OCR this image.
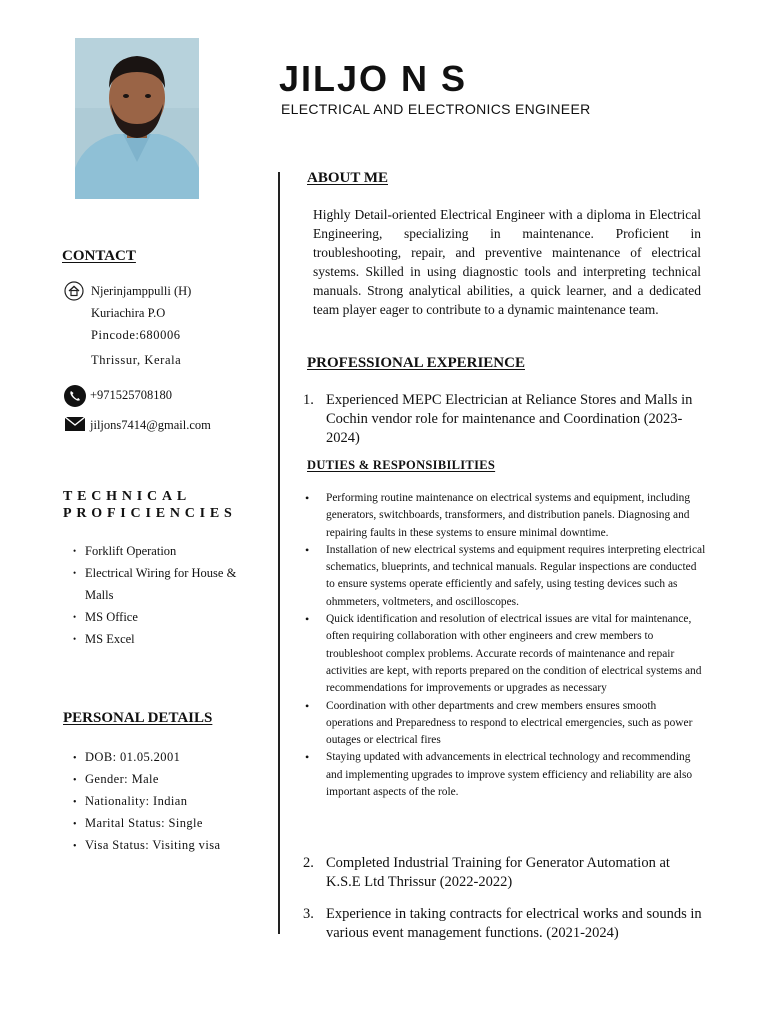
JILJO N S
ELECTRICAL AND ELECTRONICS ENGINEER
CONTACT
Njerinjamppulli (H)
Kuriachira P.O
Pincode:680006
Thrissur, Kerala
+971525708180
jiljons7414@gmail.com
TECHNICAL
PROFICIENCIES
• Forklift Operation
• Electrical Wiring for House &
Malls
• MS Office
• MS Excel
PERSONAL DETAILS
• DOB: 01.05.2001
• Gender: Male
• Nationality: Indian
• Marital Status: Single
• Visa Status: Visiting visa
ABOUT ME

Highly Detail-oriented Electrical Engineer with a diploma in Electrical Engineering, specializing in maintenance. Proficient in troubleshooting, repair, and preventive maintenance of electrical systems. Skilled in using diagnostic tools and interpreting technical manuals. Strong analytical abilities, a quick learner, and a dedicated team player eager to contribute to a dynamic maintenance team.

PROFESSIONAL EXPERIENCE
1. Experienced MEPC Electrician at Reliance Stores and Malls in Cochin vendor role for maintenance and Coordination (2023-2024)
DUTIES & RESPONSIBILITIES
• Performing routine maintenance on electrical systems and equipment, including generators, switchboards, transformers, and distribution panels. Diagnosing and repairing faults in these systems to ensure minimal downtime.
• Installation of new electrical systems and equipment requires interpreting electrical schematics, blueprints, and technical manuals. Regular inspections are conducted to ensure systems operate efficiently and safely, using testing devices such as ohmmeters, voltmeters, and oscilloscopes.
• Quick identification and resolution of electrical issues are vital for maintenance, often requiring collaboration with other engineers and crew members to troubleshoot complex problems. Accurate records of maintenance and repair activities are kept, with reports prepared on the condition of electrical systems and recommendations for improvements or upgrades as necessary
• Coordination with other departments and crew members ensures smooth operations and Preparedness to respond to electrical emergencies, such as power outages or electrical fires
• Staying updated with advancements in electrical technology and recommending and implementing upgrades to improve system efficiency and reliability are also important aspects of the role.
2. Completed Industrial Training for Generator Automation at K.S.E Ltd Thrissur (2022-2022)
3. Experience in taking contracts for electrical works and sounds in various event management functions. (2021-2024)
